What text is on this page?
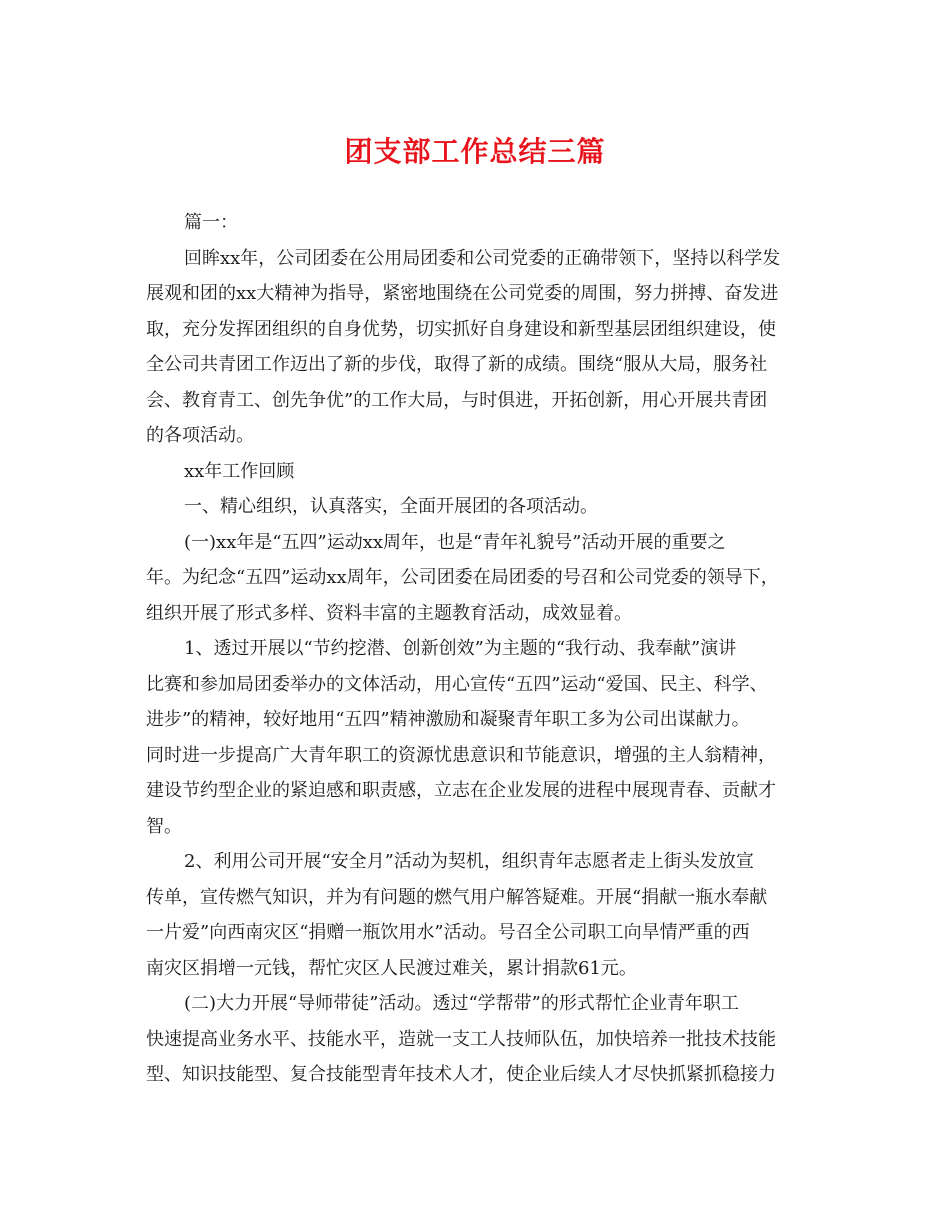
团支部工作总结三篇
篇一：
回眸xx年，公司团委在公用局团委和公司党委的正确带领下，坚持以科学发
展观和团的xx大精神为指导，紧密地围绕在公司党委的周围，努力拼搏、奋发进
取，充分发挥团组织的自身优势，切实抓好自身建设和新型基层团组织建设，使
全公司共青团工作迈出了新的步伐，取得了新的成绩。围绕“服从大局，服务社
会、教育青工、创先争优”的工作大局，与时俱进，开拓创新，用心开展共青团
的各项活动。
xx年工作回顾
一、精心组织，认真落实，全面开展团的各项活动。
(一)xx年是“五四”运动xx周年，也是“青年礼貌号”活动开展的重要之
年。为纪念“五四”运动xx周年，公司团委在局团委的号召和公司党委的领导下，
组织开展了形式多样、资料丰富的主题教育活动，成效显着。
1、透过开展以“节约挖潜、创新创效”为主题的“我行动、我奉献”演讲
比赛和参加局团委举办的文体活动，用心宣传“五四”运动“爱国、民主、科学、
进步”的精神，较好地用“五四”精神激励和凝聚青年职工多为公司出谋献力。
同时进一步提高广大青年职工的资源忧患意识和节能意识，增强的主人翁精神，
建设节约型企业的紧迫感和职责感，立志在企业发展的进程中展现青春、贡献才
智。
2、利用公司开展“安全月”活动为契机，组织青年志愿者走上街头发放宣
传单，宣传燃气知识，并为有问题的燃气用户解答疑难。开展“捐献一瓶水奉献
一片爱”向西南灾区“捐赠一瓶饮用水”活动。号召全公司职工向旱情严重的西
南灾区捐增一元钱，帮忙灾区人民渡过难关，累计捐款61元。
(二)大力开展“导师带徒”活动。透过“学帮带”的形式帮忙企业青年职工
快速提高业务水平、技能水平，造就一支工人技师队伍，加快培养一批技术技能
型、知识技能型、复合技能型青年技术人才，使企业后续人才尽快抓紧抓稳接力
